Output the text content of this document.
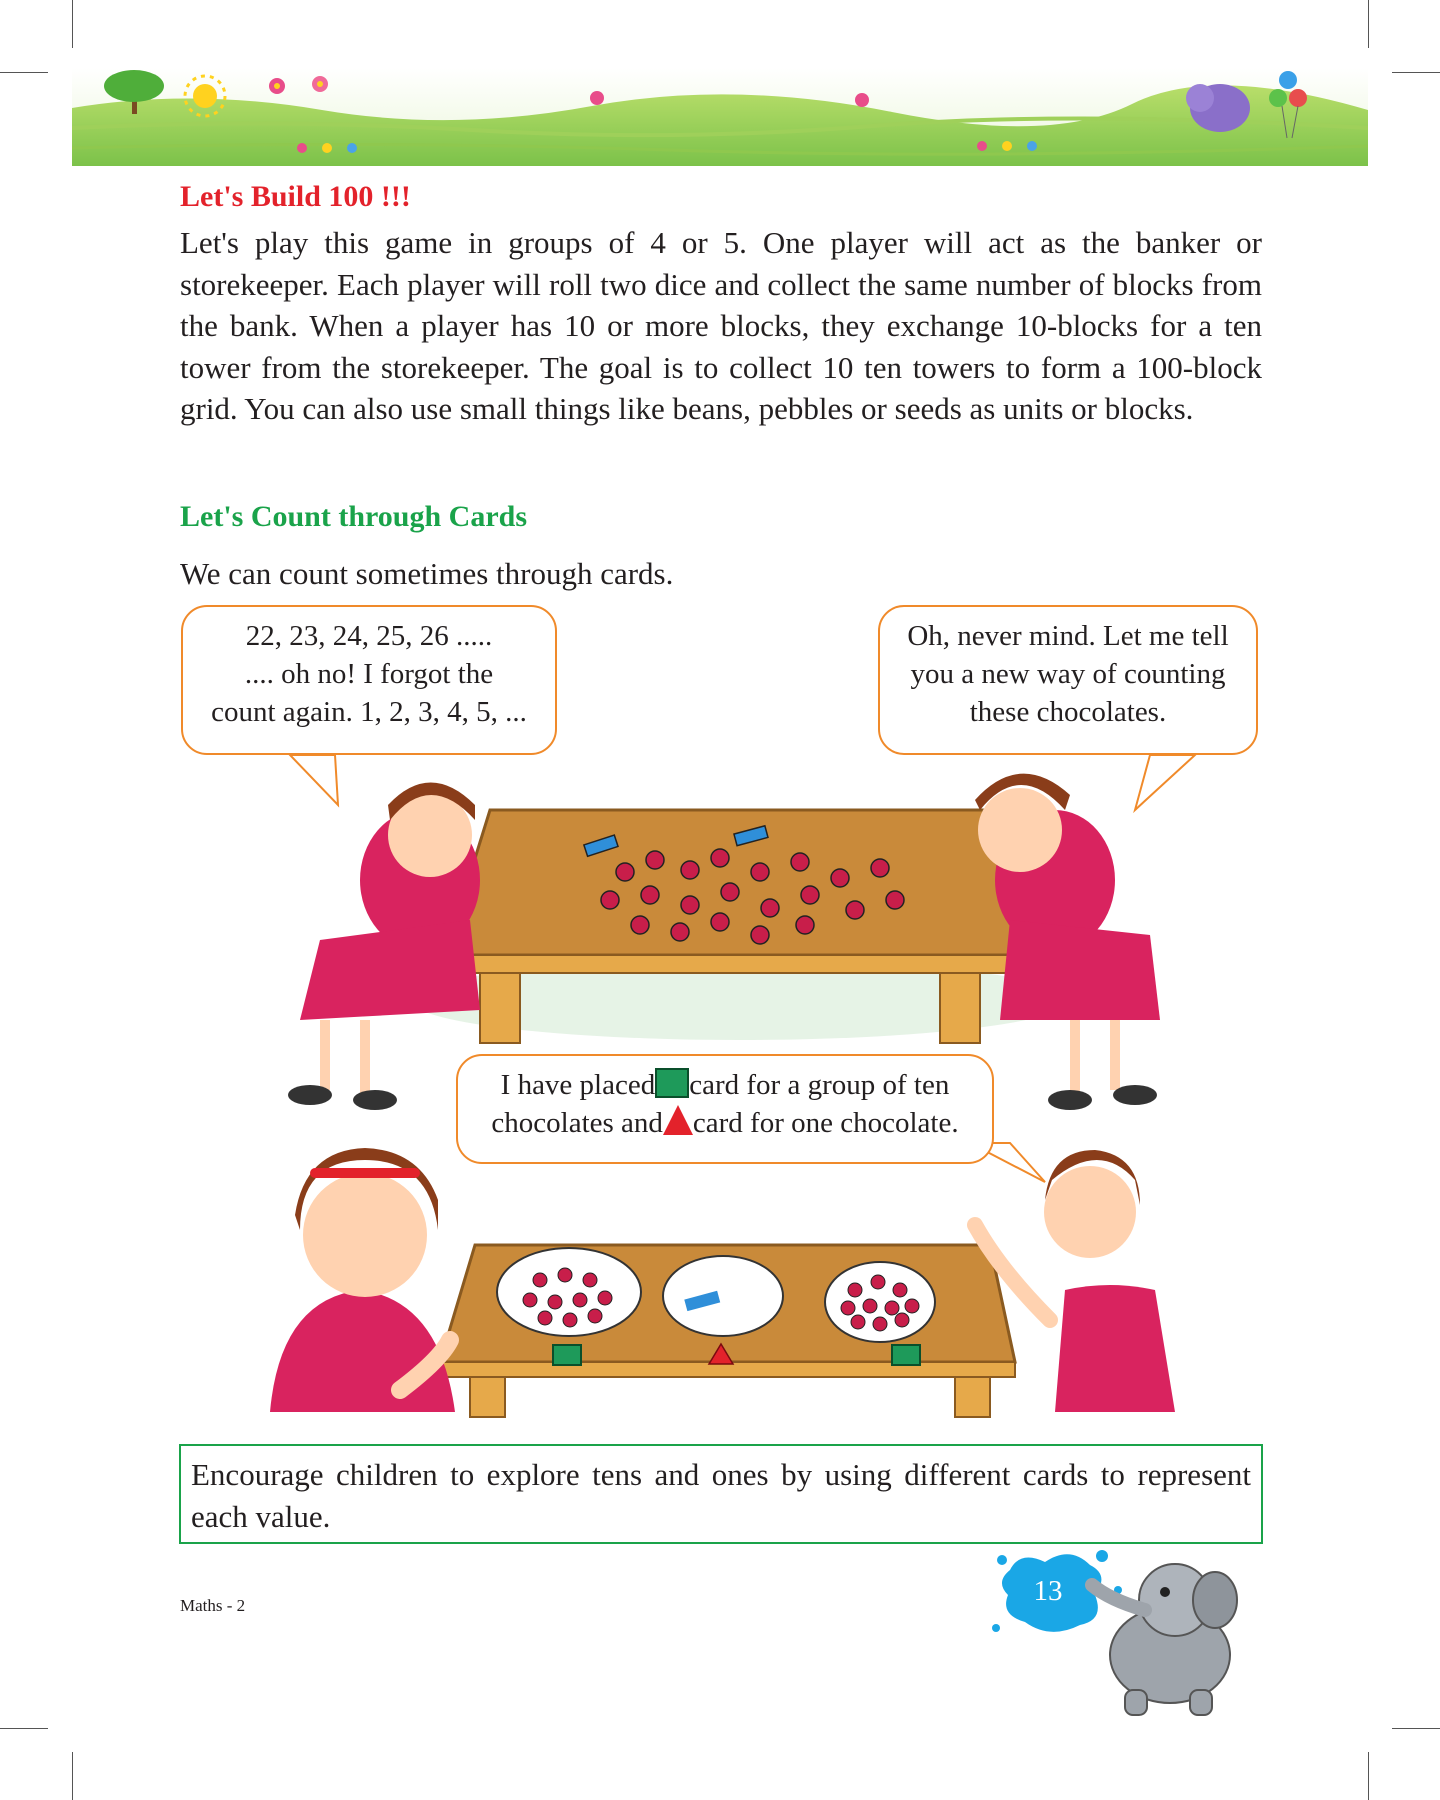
Let's Build 100 !!!

Let's play this game in groups of 4 or 5. One player will act as the banker or storekeeper. Each player will roll two dice and collect the same number of blocks from the bank. When a player has 10 or more blocks, they exchange 10-blocks for a ten tower from the storekeeper. The goal is to collect 10 ten towers to form a 100-block grid. You can also use small things like beans, pebbles or seeds as units or blocks.

Let's Count through Cards

We can count sometimes through cards.

22, 23, 24, 25, 26 .....
.... oh no! I forgot the
count again. 1, 2, 3, 4, 5, ...
Oh, never mind. Let me tell
you a new way of counting
these chocolates.
I have placed card for a group of ten
chocolates and card for one chocolate.
Encourage children to explore tens and ones by using different cards to represent each value.
Maths - 2	13
